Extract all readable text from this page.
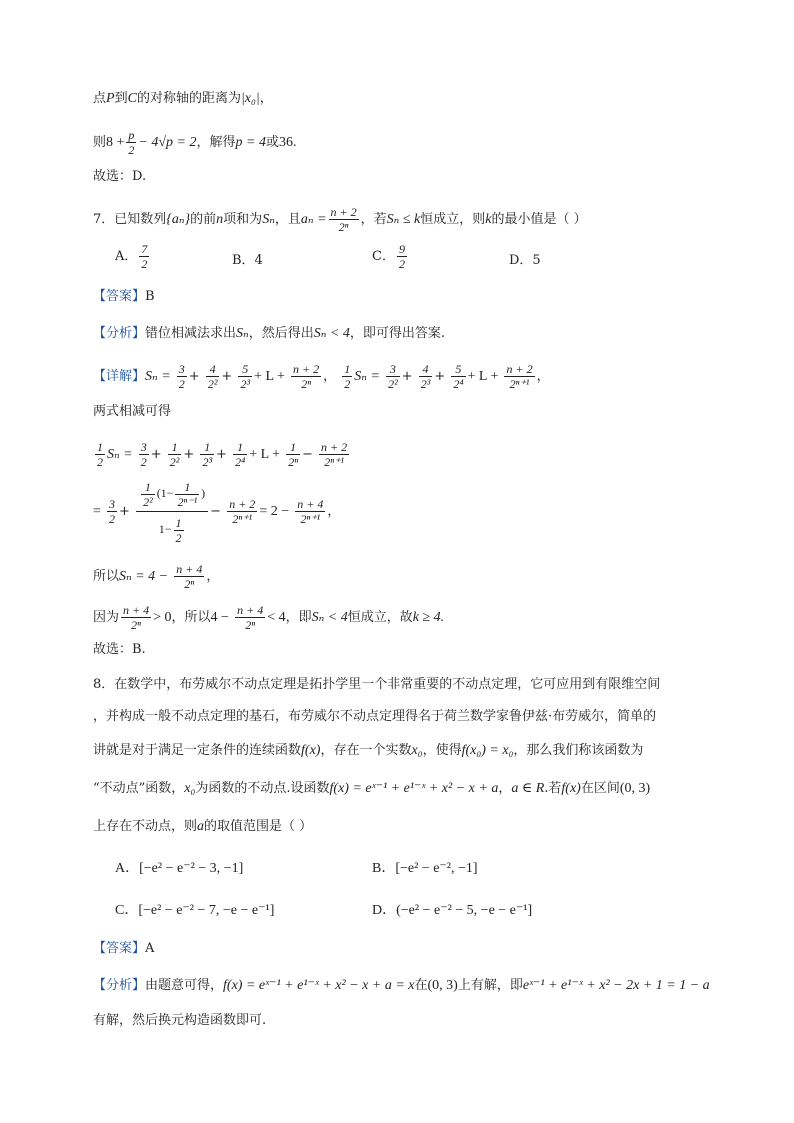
点P到C的对称轴的距离为|x₀|，
则$8 + \frac{p}{2} - 4√p = 2$，解得p = 4或36.
故选：D.
7．已知数列{aₙ}的前n项和为Sₙ，且$a_n = \frac{n + 2}{\text{2ⁿ}}$ ，若Sₙ ≤ k恒成立，则k的最小值是（ ）
A． $\frac{7}{2}$	B．4	C． $\frac{9}{2}$	D．5
【答案】B
【分析】错位相减法求出Sₙ，然后得出Sₙ < 4，即可得出答案.
【详解】$S_n = \frac{3}{2} + \frac{4}{\text{2²}} + \frac{5}{\text{2³}} + L + \frac{n + 2}{\text{2ⁿ}}$ ， $\frac{1}{2}$ $S_n = \frac{3}{\text{2²}} + \frac{4}{\text{2³}} + \frac{5}{\text{2⁴}} + L + \frac{n + 2}{\text{2ⁿ⁺¹}}$ ，
两式相减可得
$\frac{1}{2}$ $S_n = \frac{3}{2} + \frac{1}{\text{2²}} + \frac{1}{\text{2³}} + \frac{1}{\text{2⁴}} + L + \frac{1}{\text{2ⁿ}} - \frac{n + 2}{\text{2ⁿ⁺¹}}$
= $\frac{3}{2} + \frac{\frac{1}{\text{2²}} (1- \frac{1}{\text{2ⁿ⁻¹}} )}{1- \frac{1}{2}} - \frac{n + 2}{\text{2ⁿ⁺¹}} = 2 - \frac{n + 4}{\text{2ⁿ⁺¹}}$ ，
所以$S_n = 4 - \frac{n + 4}{\text{2ⁿ}}$ ，
因为 $\frac{n + 4}{\text{2ⁿ}} > 0$，所以$4 - \frac{n + 4}{\text{2ⁿ}} < 4$，即Sₙ < 4恒成立，故k ≥ 4.
故选：B.
8．在数学中，布劳威尔不动点定理是拓扑学里一个非常重要的不动点定理，它可应用到有限维空间
，并构成一般不动点定理的基石，布劳威尔不动点定理得名于荷兰数学家鲁伊兹·布劳威尔，简单的
讲就是对于满足一定条件的连续函数f(x)，存在一个实数x₀，使得f(x₀) = x₀，那么我们称该函数为
“不动点”函数，x₀为函数的不动点.设函数f(x) = eˣ⁻¹ + e¹⁻ˣ + x² − x + a，a ∈ R.若f(x)在区间(0, 3)
上存在不动点，则a的取值范围是（ ）
A．[−e² − e⁻² − 3, −1]	B．[−e² − e⁻², −1]
C．[−e² − e⁻² − 7, −e − e⁻¹]	D．(−e² − e⁻² − 5, −e − e⁻¹]
【答案】A
【分析】由题意可得，f(x) = eˣ⁻¹ + e¹⁻ˣ + x² − x + a = x在(0, 3)上有解，即eˣ⁻¹ + e¹⁻ˣ + x² − 2x + 1 = 1 − a
有解，然后换元构造函数即可.
